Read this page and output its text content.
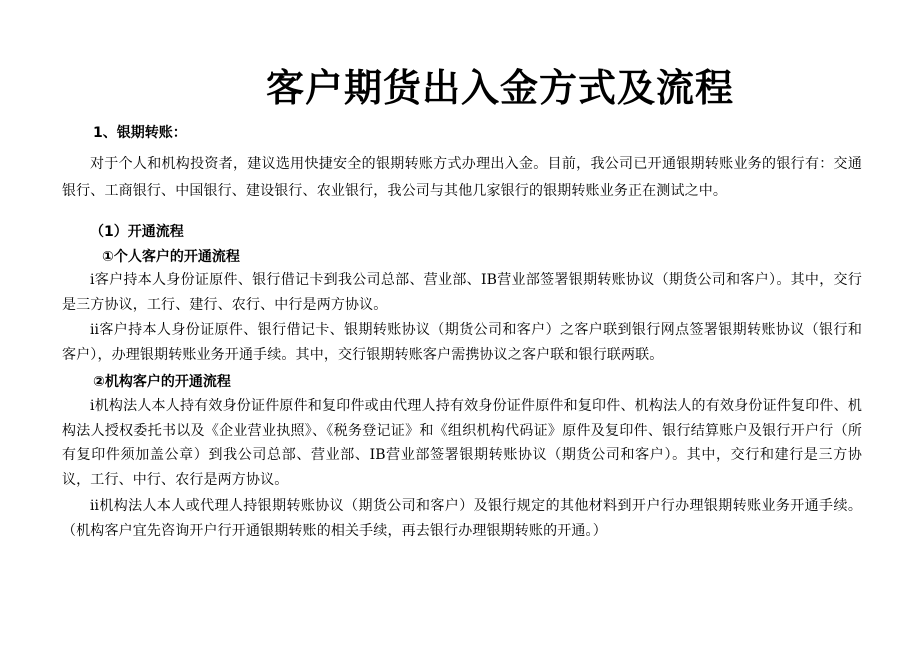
客户期货出入金方式及流程
1、银期转账：

对于个人和机构投资者，建议选用快捷安全的银期转账方式办理出入金。目前，我公司已开通银期转账业务的银行有：交通银行、工商银行、中国银行、建设银行、农业银行，我公司与其他几家银行的银期转账业务正在测试之中。

（1）开通流程
①个人客户的开通流程

ⅰ客户持本人身份证原件、银行借记卡到我公司总部、营业部、IB营业部签署银期转账协议（期货公司和客户）。其中，交行是三方协议，工行、建行、农行、中行是两方协议。

ⅱ客户持本人身份证原件、银行借记卡、银期转账协议（期货公司和客户）之客户联到银行网点签署银期转账协议（银行和客户），办理银期转账业务开通手续。其中，交行银期转账客户需携协议之客户联和银行联两联。

②机构客户的开通流程

ⅰ机构法人本人持有效身份证件原件和复印件或由代理人持有效身份证件原件和复印件、机构法人的有效身份证件复印件、机构法人授权委托书以及《企业营业执照》、《税务登记证》和《组织机构代码证》原件及复印件、银行结算账户及银行开户行（所有复印件须加盖公章）到我公司总部、营业部、IB营业部签署银期转账协议（期货公司和客户）。其中，交行和建行是三方协议，工行、中行、农行是两方协议。

ⅱ机构法人本人或代理人持银期转账协议（期货公司和客户）及银行规定的其他材料到开户行办理银期转账业务开通手续。（机构客户宜先咨询开户行开通银期转账的相关手续，再去银行办理银期转账的开通。）
